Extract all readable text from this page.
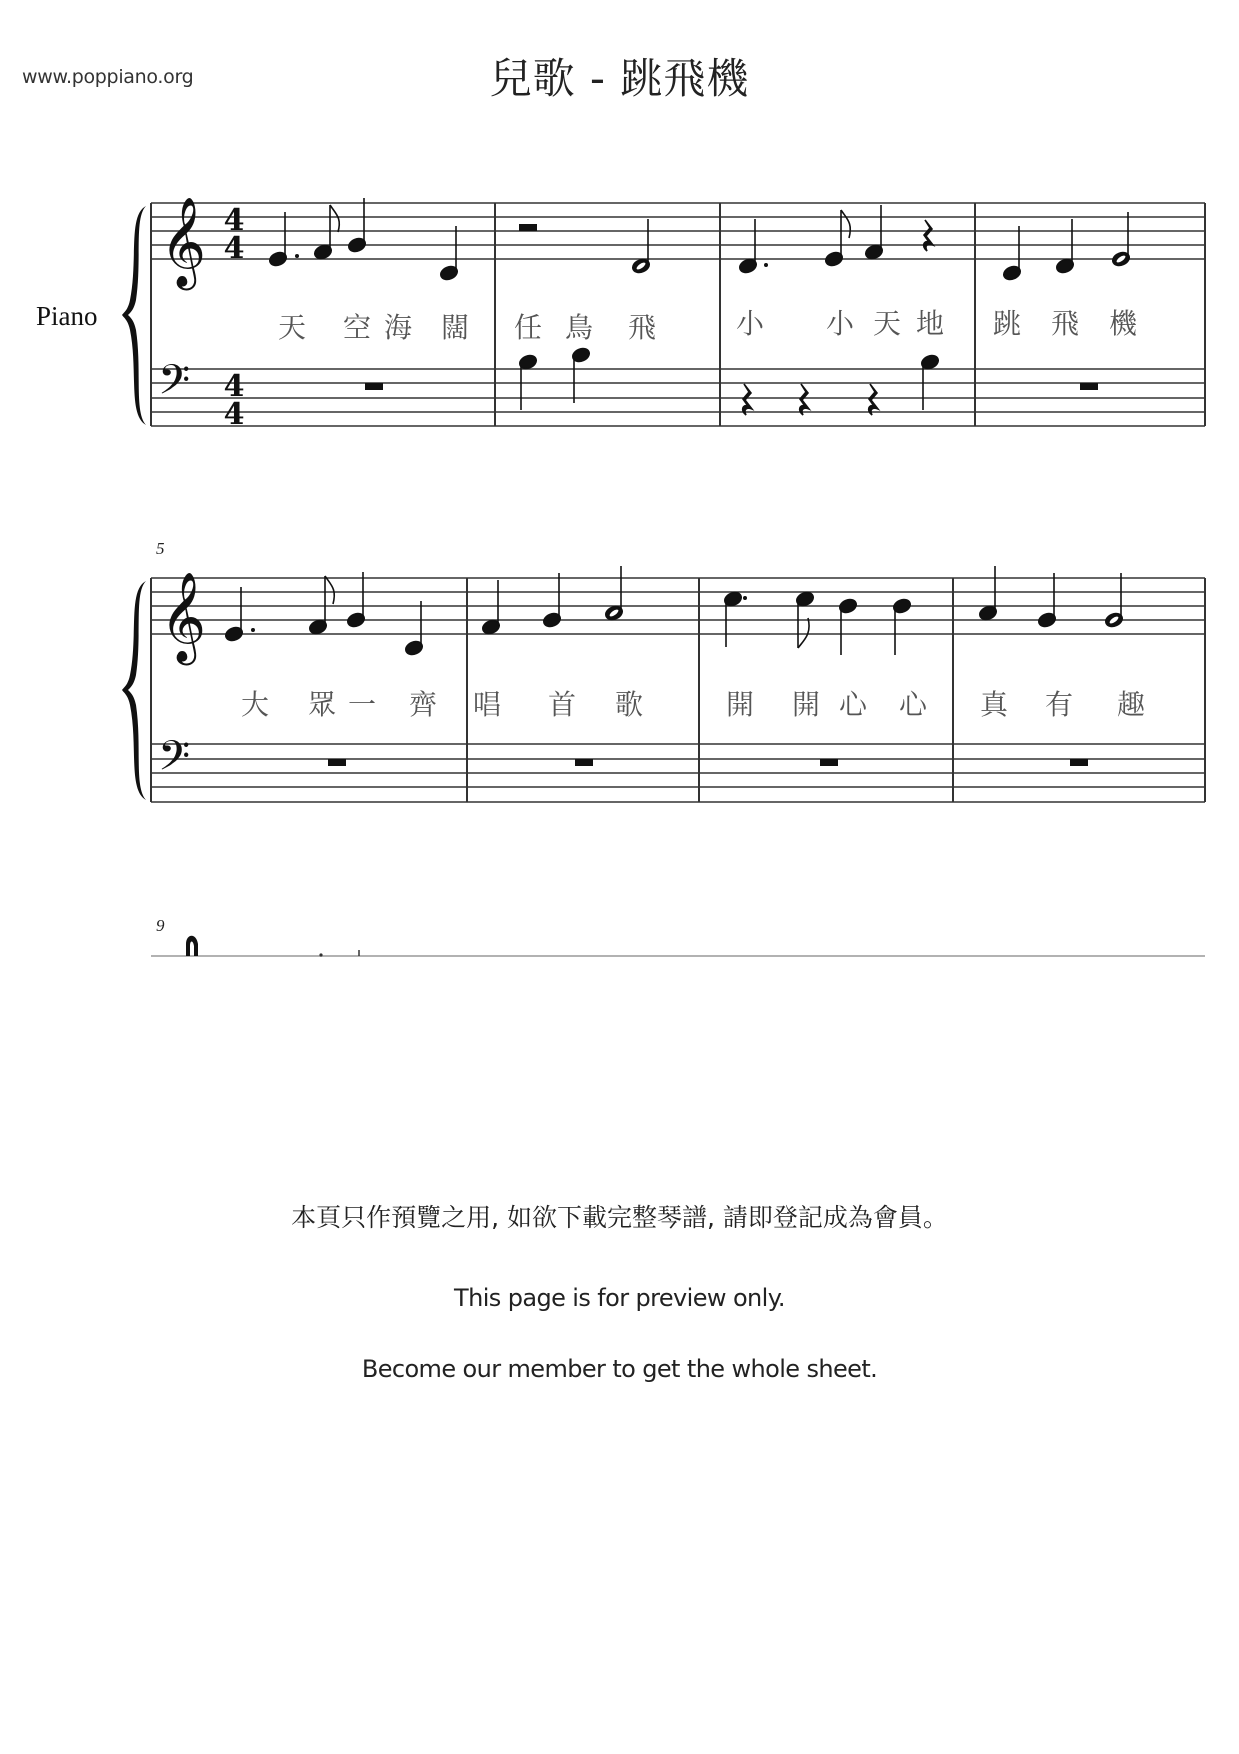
www.poppiano.org	兒歌 - 跳飛機
Piano
𝄞
𝄢
4
4
4
4
天 空 海 闊 任 鳥 飛	小 小 天 地 跳 飛 機
5
𝄞
𝄢
大 眾 一 齊 唱 首 歌	開 開 心 心 真 有 趣
9
本頁只作預覽之用, 如欲下載完整琴譜, 請即登記成為會員。
This page is for preview only.
Become our member to get the whole sheet.
